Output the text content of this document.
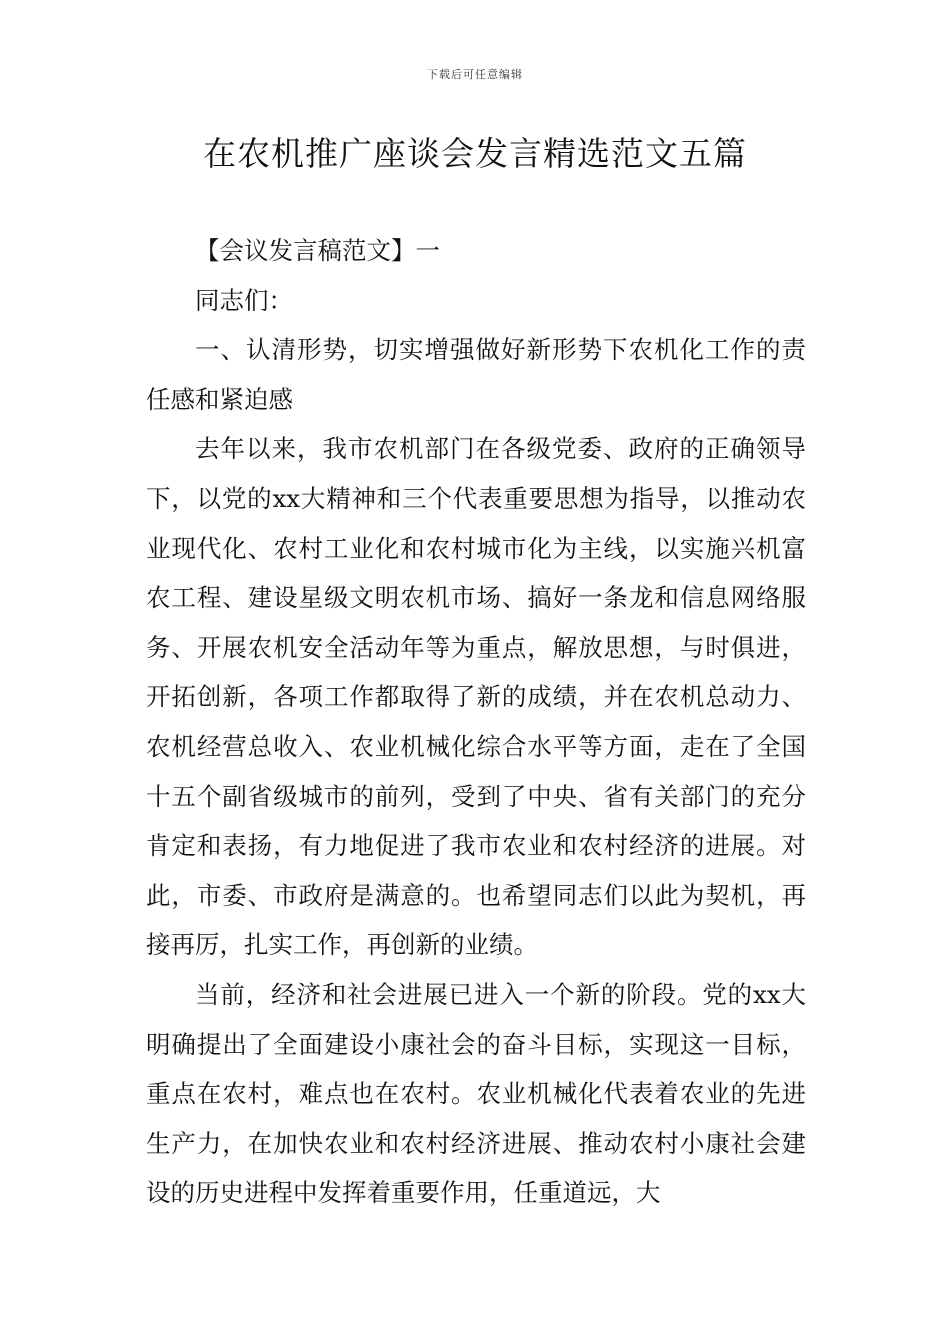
下载后可任意编辑
在农机推广座谈会发言精选范文五篇

【会议发言稿范文】一

同志们：

一、认清形势，切实增强做好新形势下农机化工作的责任感和紧迫感

去年以来，我市农机部门在各级党委、政府的正确领导下，以党的xx大精神和三个代表重要思想为指导，以推动农业现代化、农村工业化和农村城市化为主线，以实施兴机富农工程、建设星级文明农机市场、搞好一条龙和信息网络服务、开展农机安全活动年等为重点，解放思想，与时俱进，开拓创新，各项工作都取得了新的成绩，并在农机总动力、农机经营总收入、农业机械化综合水平等方面，走在了全国十五个副省级城市的前列，受到了中央、省有关部门的充分肯定和表扬，有力地促进了我市农业和农村经济的进展。对此，市委、市政府是满意的。也希望同志们以此为契机，再接再厉，扎实工作，再创新的业绩。

当前，经济和社会进展已进入一个新的阶段。党的xx大明确提出了全面建设小康社会的奋斗目标，实现这一目标，重点在农村，难点也在农村。农业机械化代表着农业的先进生产力，在加快农业和农村经济进展、推动农村小康社会建设的历史进程中发挥着重要作用，任重道远，大
